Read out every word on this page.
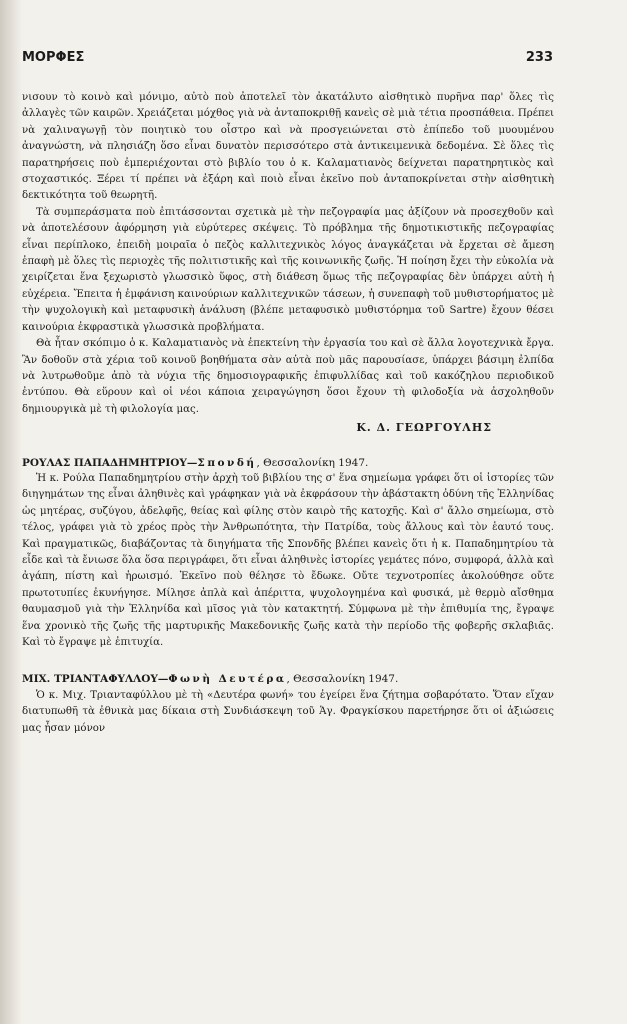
ΜΟΡΦΕΣ	233

νισουν τὸ κοινὸ καὶ μόνιμο, αὐτὸ ποὺ ἀποτελεῖ τὸν ἀκατάλυτο αἰσθητικὸ πυρῆνα παρ' ὅλες τὶς ἀλλαγὲς τῶν καιρῶν. Χρειάζεται μόχθος γιὰ νὰ ἀνταποκριθῇ κανεὶς σὲ μιὰ τέτια προσπάθεια. Πρέπει νὰ χαλιναγωγῇ τὸν ποιητικὸ του οἶστρο καὶ νὰ προσγειώνεται στὸ ἐπίπεδο τοῦ μυουμένου ἀναγνώστη, νὰ πλησιάζη ὅσο εἶναι δυνατὸν περισσότερο στὰ ἀντικειμενικὰ δεδομένα. Σὲ ὅλες τὶς παρατηρήσεις ποὺ ἐμπεριέχονται στὸ βιβλίο του ὁ κ. Καλαματιανὸς δείχνεται παρατηρητικὸς καὶ στοχαστικός. Ξέρει τί πρέπει νὰ ἐξάρη καὶ ποιὸ εἶναι ἐκεῖνο ποὺ ἀνταποκρίνεται στὴν αἰσθητικὴ δεκτικότητα τοῦ θεωρητῆ.

Τὰ συμπεράσματα ποὺ ἐπιτάσσονται σχετικὰ μὲ τὴν πεζογραφία μας ἀξίζουν νὰ προσεχθοῦν καὶ νὰ ἀποτελέσουν ἀφόρμηση γιὰ εὐρύτερες σκέψεις. Τὸ πρόβλημα τῆς δημοτικιστικῆς πεζογραφίας εἶναι περίπλοκο, ἐπειδὴ μοιραῖα ὁ πεζὸς καλλιτεχνικὸς λόγος ἀναγκάζεται νὰ ἔρχεται σὲ ἄμεση ἐπαφὴ μὲ ὅλες τὶς περιοχὲς τῆς πολιτιστικῆς καὶ τῆς κοινωνικῆς ζωῆς. Ἡ ποίηση ἔχει τὴν εὐκολία νὰ χειρίζεται ἕνα ξεχωριστὸ γλωσσικὸ ὕφος, στὴ διάθεση ὅμως τῆς πεζογραφίας δὲν ὑπάρχει αὐτὴ ἡ εὐχέρεια. Ἔπειτα ἡ ἐμφάνιση καινούριων καλλιτεχνικῶν τάσεων, ἡ συνεπαφὴ τοῦ μυθιστορήματος μὲ τὴν ψυχολογικὴ καὶ μεταφυσικὴ ἀνάλυση (βλέπε μεταφυσικὸ μυθιστόρημα τοῦ Sartre) ἔχουν θέσει καινούρια ἐκφραστικὰ γλωσσικὰ προβλήματα.

Θὰ ἦταν σκόπιμο ὁ κ. Καλαματιανὸς νὰ ἐπεκτείνη τὴν ἐργασία του καὶ σὲ ἄλλα λογοτεχνικὰ ἔργα. Ἂν δοθοῦν στὰ χέρια τοῦ κοινοῦ βοηθήματα σὰν αὐτὰ ποὺ μᾶς παρουσίασε, ὑπάρχει βάσιμη ἐλπίδα νὰ λυτρωθοῦμε ἀπὸ τὰ νύχια τῆς δημοσιογραφικῆς ἐπιφυλλίδας καὶ τοῦ κακόζηλου περιοδικοῦ ἐντύπου. Θὰ εὕρουν καὶ οἱ νέοι κάποια χειραγώγηση ὅσοι ἔχουν τὴ φιλοδοξία νὰ ἀσχοληθοῦν δημιουργικὰ μὲ τὴ φιλολογία μας.

Κ. Δ. ΓΕΩΡΓΟΥΛΗΣ
ΡΟΥΛΑΣ ΠΑΠΑΔΗΜΗΤΡΙΟΥ—Σπονδή, Θεσσαλονίκη 1947.

Ἡ κ. Ρούλα Παπαδημητρίου στὴν ἀρχὴ τοῦ βιβλίου της σ' ἕνα σημείωμα γράφει ὅτι οἱ ἱστορίες τῶν διηγημάτων της εἶναι ἀληθινὲς καὶ γράφηκαν γιὰ νὰ ἐκφράσουν τὴν ἀβάστακτη ὀδύνη τῆς Ἑλληνίδας ὡς μητέρας, συζύγου, ἀδελφῆς, θείας καὶ φίλης στὸν καιρὸ τῆς κατοχῆς. Καὶ σ' ἄλλο σημείωμα, στὸ τέλος, γράφει γιὰ τὸ χρέος πρὸς τὴν Ἀνθρωπότητα, τὴν Πατρίδα, τοὺς ἄλλους καὶ τὸν ἑαυτό τους. Καὶ πραγματικῶς, διαβάζοντας τὰ διηγήματα τῆς Σπονδῆς βλέπει κανεὶς ὅτι ἡ κ. Παπαδημητρίου τὰ εἶδε καὶ τὰ ἔνιωσε ὅλα ὅσα περιγράφει, ὅτι εἶναι ἀληθινὲς ἱστορίες γεμάτες πόνο, συμφορά, ἀλλὰ καὶ ἀγάπη, πίστη καὶ ἡρωισμό. Ἐκεῖνο ποὺ θέλησε τὸ ἔδωκε. Οὔτε τεχνοτροπίες ἀκολούθησε οὔτε πρωτοτυπίες ἐκυνήγησε. Μίλησε ἁπλὰ καὶ ἀπέριττα, ψυχολογημένα καὶ φυσικά, μὲ θερμὸ αἴσθημα θαυμασμοῦ γιὰ τὴν Ἑλληνίδα καὶ μῖσος γιὰ τὸν κατακτητή. Σύμφωνα μὲ τὴν ἐπιθυμία της, ἔγραψε ἕνα χρονικὸ τῆς ζωῆς τῆς μαρτυρικῆς Μακεδονικῆς ζωῆς κατὰ τὴν περίοδο τῆς φοβερῆς σκλαβιᾶς. Καὶ τὸ ἔγραψε μὲ ἐπιτυχία.

ΜΙΧ. ΤΡΙΑΝΤΑΦΥΛΛΟΥ—Φωνὴ Δευτέρα, Θεσσαλονίκη 1947.

Ὁ κ. Μιχ. Τριανταφύλλου μὲ τὴ «Δευτέρα φωνή» του ἐγείρει ἕνα ζήτημα σοβαρότατο. Ὅταν εἴχαν διατυπωθῆ τὰ ἐθνικὰ μας δίκαια στὴ Συνδιάσκεψη τοῦ Ἁγ. Φραγκίσκου παρετήρησε ὅτι οἱ ἀξιώσεις μας ἦσαν μόνον
